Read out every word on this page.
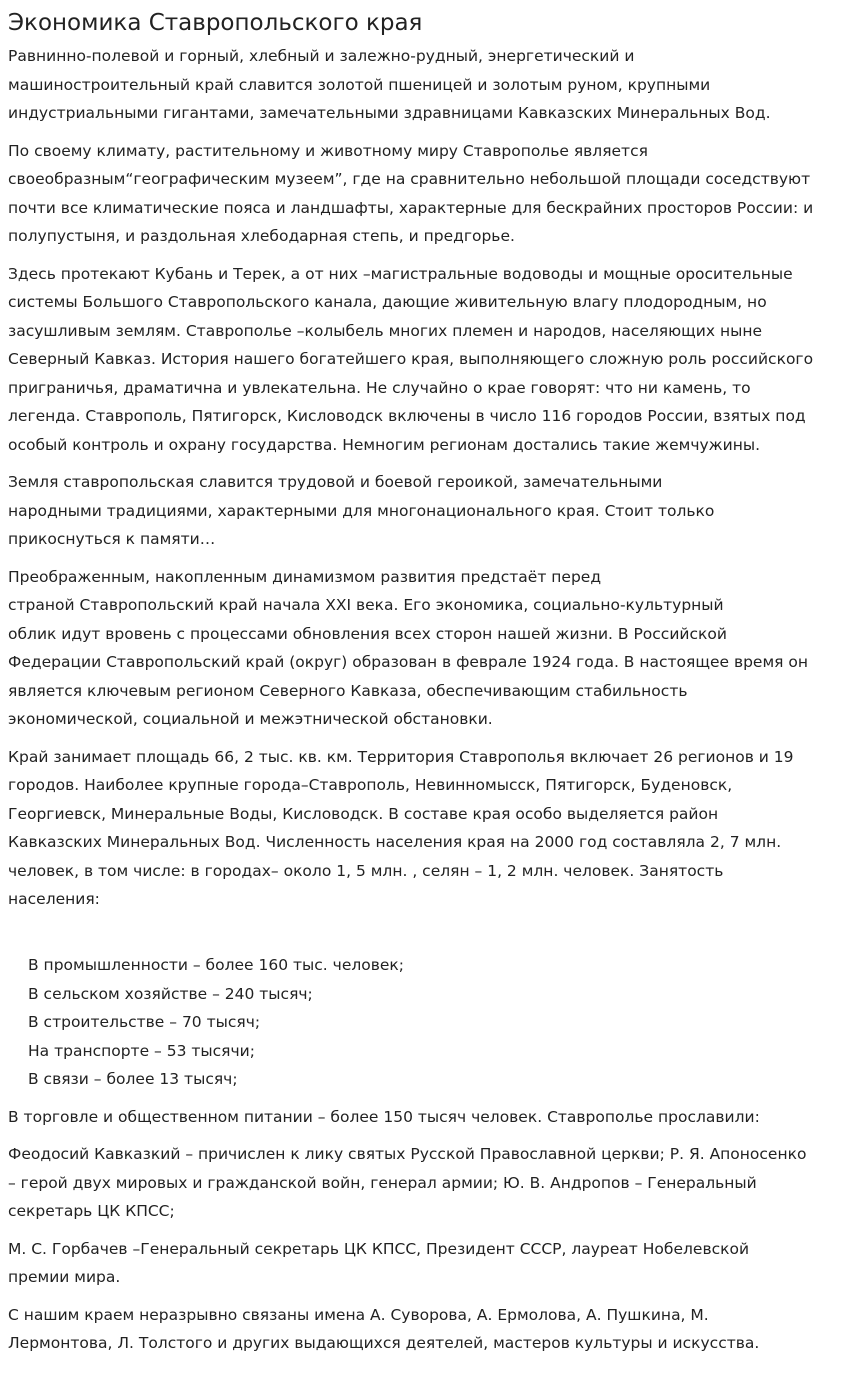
Экономика Ставропольского края

Равнинно-полевой и горный, хлебный и залежно-рудный, энергетический и
машиностроительный край славится золотой пшеницей и золотым руном, крупными
индустриальными гигантами, замечательными здравницами Кавказских Минеральных Вод.

По своему климату, растительному и животному миру Ставрополье является
своеобразным“географическим музеем”, где на сравнительно небольшой площади соседствуют
почти все климатические пояса и ландшафты, характерные для бескрайних просторов России: и
полупустыня, и раздольная хлебодарная степь, и предгорье.

Здесь протекают Кубань и Терек, а от них –магистральные водоводы и мощные оросительные
системы Большого Ставропольского канала, дающие живительную влагу плодородным, но
засушливым землям. Ставрополье –колыбель многих племен и народов, населяющих ныне
Северный Кавказ. История нашего богатейшего края, выполняющего сложную роль российского
приграничья, драматична и увлекательна. Не случайно о крае говорят: что ни камень, то
легенда. Ставрополь, Пятигорск, Кисловодск включены в число 116 городов России, взятых под
особый контроль и охрану государства. Немногим регионам достались такие жемчужины.

Земля ставропольская славится трудовой и боевой героикой, замечательными
народными традициями, характерными для многонационального края. Стоит только
прикоснуться к памяти…

Преображенным, накопленным динамизмом развития предстаёт перед
страной Ставропольский край начала XXI века. Его экономика, социально-культурный
облик идут вровень с процессами обновления всех сторон нашей жизни. В Российской
Федерации Ставропольский край (округ) образован в феврале 1924 года. В настоящее время он
является ключевым регионом Северного Кавказа, обеспечивающим стабильность
экономической, социальной и межэтнической обстановки.

Край занимает площадь 66, 2 тыс. кв. км. Территория Ставрополья включает 26 регионов и 19
городов. Наиболее крупные города–Ставрополь, Невинномысск, Пятигорск, Буденовск,
Георгиевск, Минеральные Воды, Кисловодск. В составе края особо выделяется район
Кавказских Минеральных Вод. Численность населения края на 2000 год составляла 2, 7 млн.
человек, в том числе: в городах– около 1, 5 млн. , селян – 1, 2 млн. человек. Занятость
населения:

В промышленности – более 160 тыс. человек;
В сельском хозяйстве – 240 тысяч;
В строительстве – 70 тысяч;
На транспорте – 53 тысячи;
В связи – более 13 тысяч;

В торговле и общественном питании – более 150 тысяч человек. Ставрополье прославили:

Феодосий Кавказкий – причислен к лику святых Русской Православной церкви; Р. Я. Апоносенко
– герой двух мировых и гражданской войн, генерал армии; Ю. В. Андропов – Генеральный
секретарь ЦК КПСС;

М. С. Горбачев –Генеральный секретарь ЦК КПСС, Президент СССР, лауреат Нобелевской
премии мира.

С нашим краем неразрывно связаны имена А. Суворова, А. Ермолова, А. Пушкина, М.
Лермонтова, Л. Толстого и других выдающихся деятелей, мастеров культуры и искусства.
